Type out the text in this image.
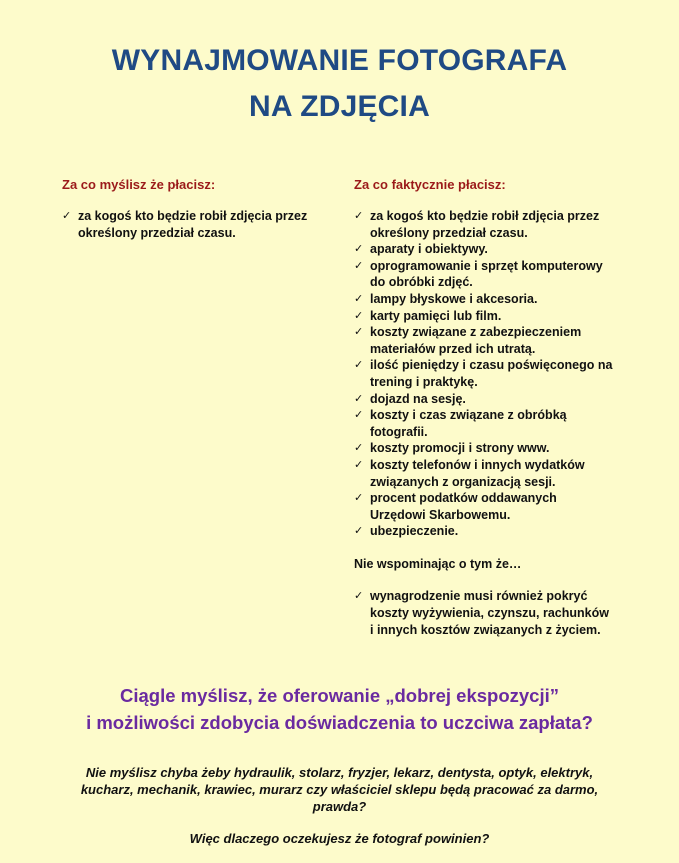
WYNAJMOWANIE FOTOGRAFA
NA ZDJĘCIA
Za co myślisz że płacisz:
✓ za kogoś kto będzie robił zdjęcia przez
określony przedział czasu.
Za co faktycznie płacisz:
✓ za kogoś kto będzie robił zdjęcia przez
określony przedział czasu.
✓ aparaty i obiektywy.
✓ oprogramowanie i sprzęt komputerowy
do obróbki zdjęć.
✓ lampy błyskowe i akcesoria.
✓ karty pamięci lub film.
✓ koszty związane z zabezpieczeniem
materiałów przed ich utratą.
✓ ilość pieniędzy i czasu poświęconego na
trening i praktykę.
✓ dojazd na sesję.
✓ koszty i czas związane z obróbką
fotografii.
✓ koszty promocji i strony www.
✓ koszty telefonów i innych wydatków
związanych z organizacją sesji.
✓ procent podatków oddawanych
Urzędowi Skarbowemu.
✓ ubezpieczenie.
Nie wspominając o tym że…
✓ wynagrodzenie musi również pokryć
koszty wyżywienia, czynszu, rachunków
i innych kosztów związanych z życiem.
Ciągle myślisz, że oferowanie „dobrej ekspozycji”
i możliwości zdobycia doświadczenia to uczciwa zapłata?
Nie myślisz chyba żeby hydraulik, stolarz, fryzjer, lekarz, dentysta, optyk, elektryk,
kucharz, mechanik, krawiec, murarz czy właściciel sklepu będą pracować za darmo,
prawda?
Więc dlaczego oczekujesz że fotograf powinien?
